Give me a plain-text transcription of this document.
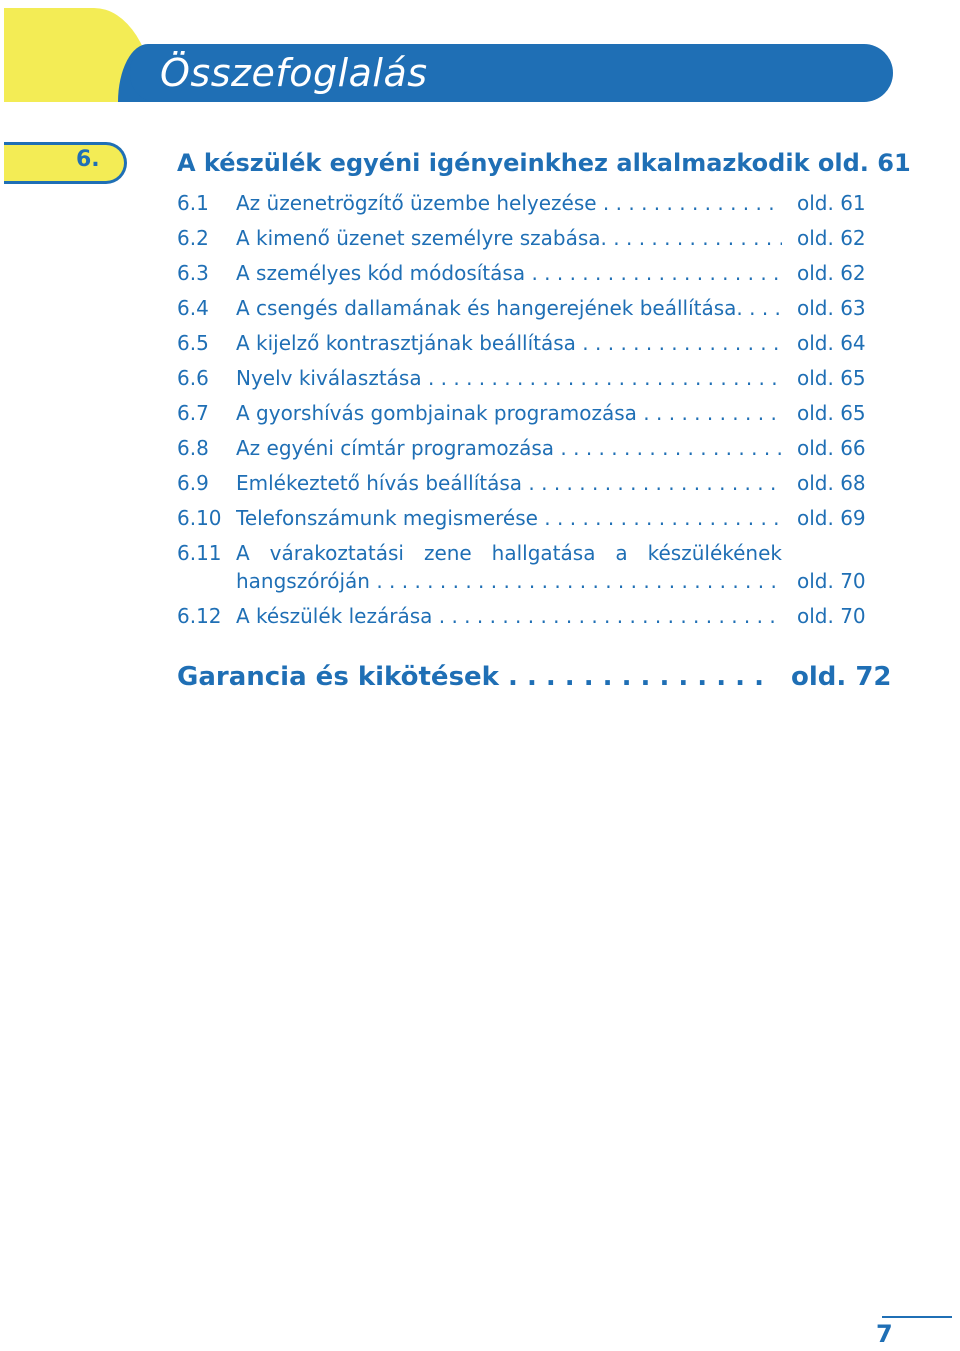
Összefoglalás
6.	A készülék egyéni igényeinkhez alkalmazkodik old. 61
6.1 Az üzenetrögzítő üzembe helyezése . . .	old. 61
6.2 A kimenő üzenet személyre szabása. . . .	old. 62
6.3 A személyes kód módosítása . . .	old. 62
6.4 A csengés dallamának és hangerejének beállítása. . . .	old. 63
6.5 A kijelző kontrasztjának beállítása . . .	old. 64
6.6 Nyelv kiválasztása . . .	old. 65
6.7 A gyorshívás gombjainak programozása . . .	old. 65
6.8 Az egyéni címtár programozása . . .	old. 66
6.9 Emlékeztető hívás beállítása . . .	old. 68
6.10 Telefonszámunk megismerése . . .	old. 69
6.11 A várakoztatási zene hallgatása a készülékének
hangszóróján . . .	old. 70
6.12 A készülék lezárása . . .	old. 70
Garancia és kikötések . . .	old. 72
7
